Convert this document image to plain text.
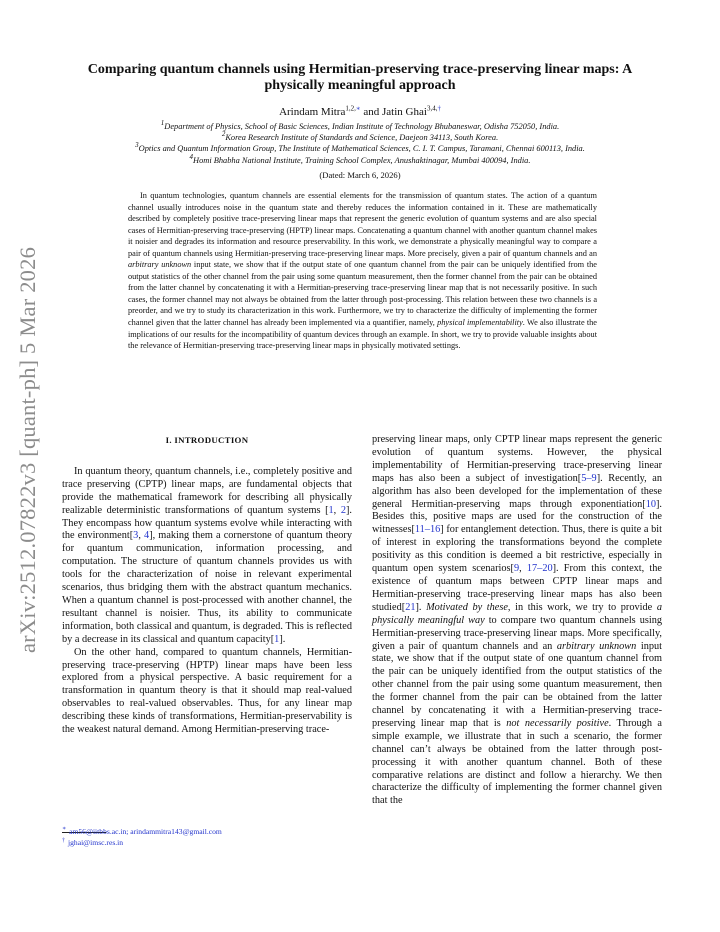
arXiv:2512.07822v3 [quant-ph] 5 Mar 2026
Comparing quantum channels using Hermitian-preserving trace-preserving linear maps: A physically meaningful approach
Arindam Mitra$^{1,2,∗}$ and Jatin Ghai$^{3,4,\dagger}$
$^1$Department of Physics, School of Basic Sciences, Indian Institute of Technology Bhubaneswar, Odisha 752050, India.
$^2$Korea Research Institute of Standards and Science, Daejeon 34113, South Korea.
$^3$Optics and Quantum Information Group, The Institute of Mathematical Sciences, C. I. T. Campus, Taramani, Chennai 600113, India.
$^4$Homi Bhabha National Institute, Training School Complex, Anushaktinagar, Mumbai 400094, India.
(Dated: March 6, 2026)
In quantum technologies, quantum channels are essential elements for the transmission of quantum states. The action of a quantum channel usually introduces noise in the quantum state and thereby reduces the information contained in it. These are mathematically described by completely positive trace-preserving linear maps that represent the generic evolution of quantum systems and are also special cases of Hermitian-preserving trace-preserving (HPTP) linear maps. Concatenating a quantum channel with another quantum channel makes it noisier and degrades its information and resource preservability. In this work, we demonstrate a physically meaningful way to compare a pair of quantum channels using Hermitian-preserving trace-preserving linear maps. More precisely, given a pair of quantum channels and an arbitrary unknown input state, we show that if the output state of one quantum channel from the pair can be uniquely identified from the output statistics of the other channel from the pair using some quantum measurement, then the former channel from the pair can be obtained from the latter channel by concatenating it with a Hermitian-preserving trace-preserving linear map that is not necessarily positive. In such cases, the former channel may not always be obtained from the latter through post-processing. This relation between these two channels is a preorder, and we try to study its characterization in this work. Furthermore, we try to characterize the difficulty of implementing the former channel given that the latter channel has already been implemented via a quantifier, namely, physical implementability. We also illustrate the implications of our results for the incompatibility of quantum devices through an example. In short, we try to provide valuable insights about the relevance of Hermitian-preserving trace-preserving linear maps in physically motivated settings.
I. INTRODUCTION

In quantum theory, quantum channels, i.e., completely positive and trace preserving (CPTP) linear maps, are fundamental objects that provide the mathematical framework for describing all physically realizable deterministic transformations of quantum systems [1, 2]. They encompass how quantum systems evolve while interacting with the environment[3, 4], making them a cornerstone of quantum theory for quantum communication, information processing, and computation. The structure of quantum channels provides us with tools for the characterization of noise in relevant experimental scenarios, thus bridging them with the abstract quantum mechanics. When a quantum channel is post-processed with another channel, the resultant channel is noisier. Thus, its ability to communicate information, both classical and quantum, is degraded. This is reflected by a decrease in its classical and quantum capacity[1].

On the other hand, compared to quantum channels, Hermitian-preserving trace-preserving (HPTP) linear maps have been less explored from a physical perspective. A basic requirement for a transformation in quantum theory is that it should map real-valued observables to real-valued observables. Thus, for any linear map describing these kinds of transformations, Hermitian-preservability is the weakest natural demand. Among Hermitian-preserving trace-

preserving linear maps, only CPTP linear maps represent the generic evolution of quantum systems. However, the physical implementability of Hermitian-preserving trace-preserving linear maps has also been a subject of investigation[5–9]. Recently, an algorithm has also been developed for the implementation of these general Hermitian-preserving maps through exponentiation[10]. Besides this, positive maps are used for the construction of the witnesses[11–16] for entanglement detection. Thus, there is quite a bit of interest in exploring the transformations beyond the complete positivity as this condition is deemed a bit restrictive, especially in quantum open system scenarios[9, 17–20]. From this context, the existence of quantum maps between CPTP linear maps and Hermitian-preserving trace-preserving linear maps has also been studied[21]. Motivated by these, in this work, we try to provide a physically meaningful way to compare two quantum channels using Hermitian-preserving trace-preserving linear maps. More specifically, given a pair of quantum channels and an arbitrary unknown input state, we show that if the output state of one quantum channel from the pair can be uniquely identified from the output statistics of the other channel from the pair using some quantum measurement, then the former channel from the pair can be obtained from the latter channel by concatenating it with a Hermitian-preserving trace-preserving linear map that is not necessarily positive. Through a simple example, we illustrate that in such a scenario, the former channel can’t always be obtained from the latter through post-processing it with another quantum channel. Both of these comparative relations are distinct and follow a hierarchy. We then characterize the difficulty of implementing the former channel given that the

∗ am56@iitbbs.ac.in; arindammitra143@gmail.com
† jghai@imsc.res.in
